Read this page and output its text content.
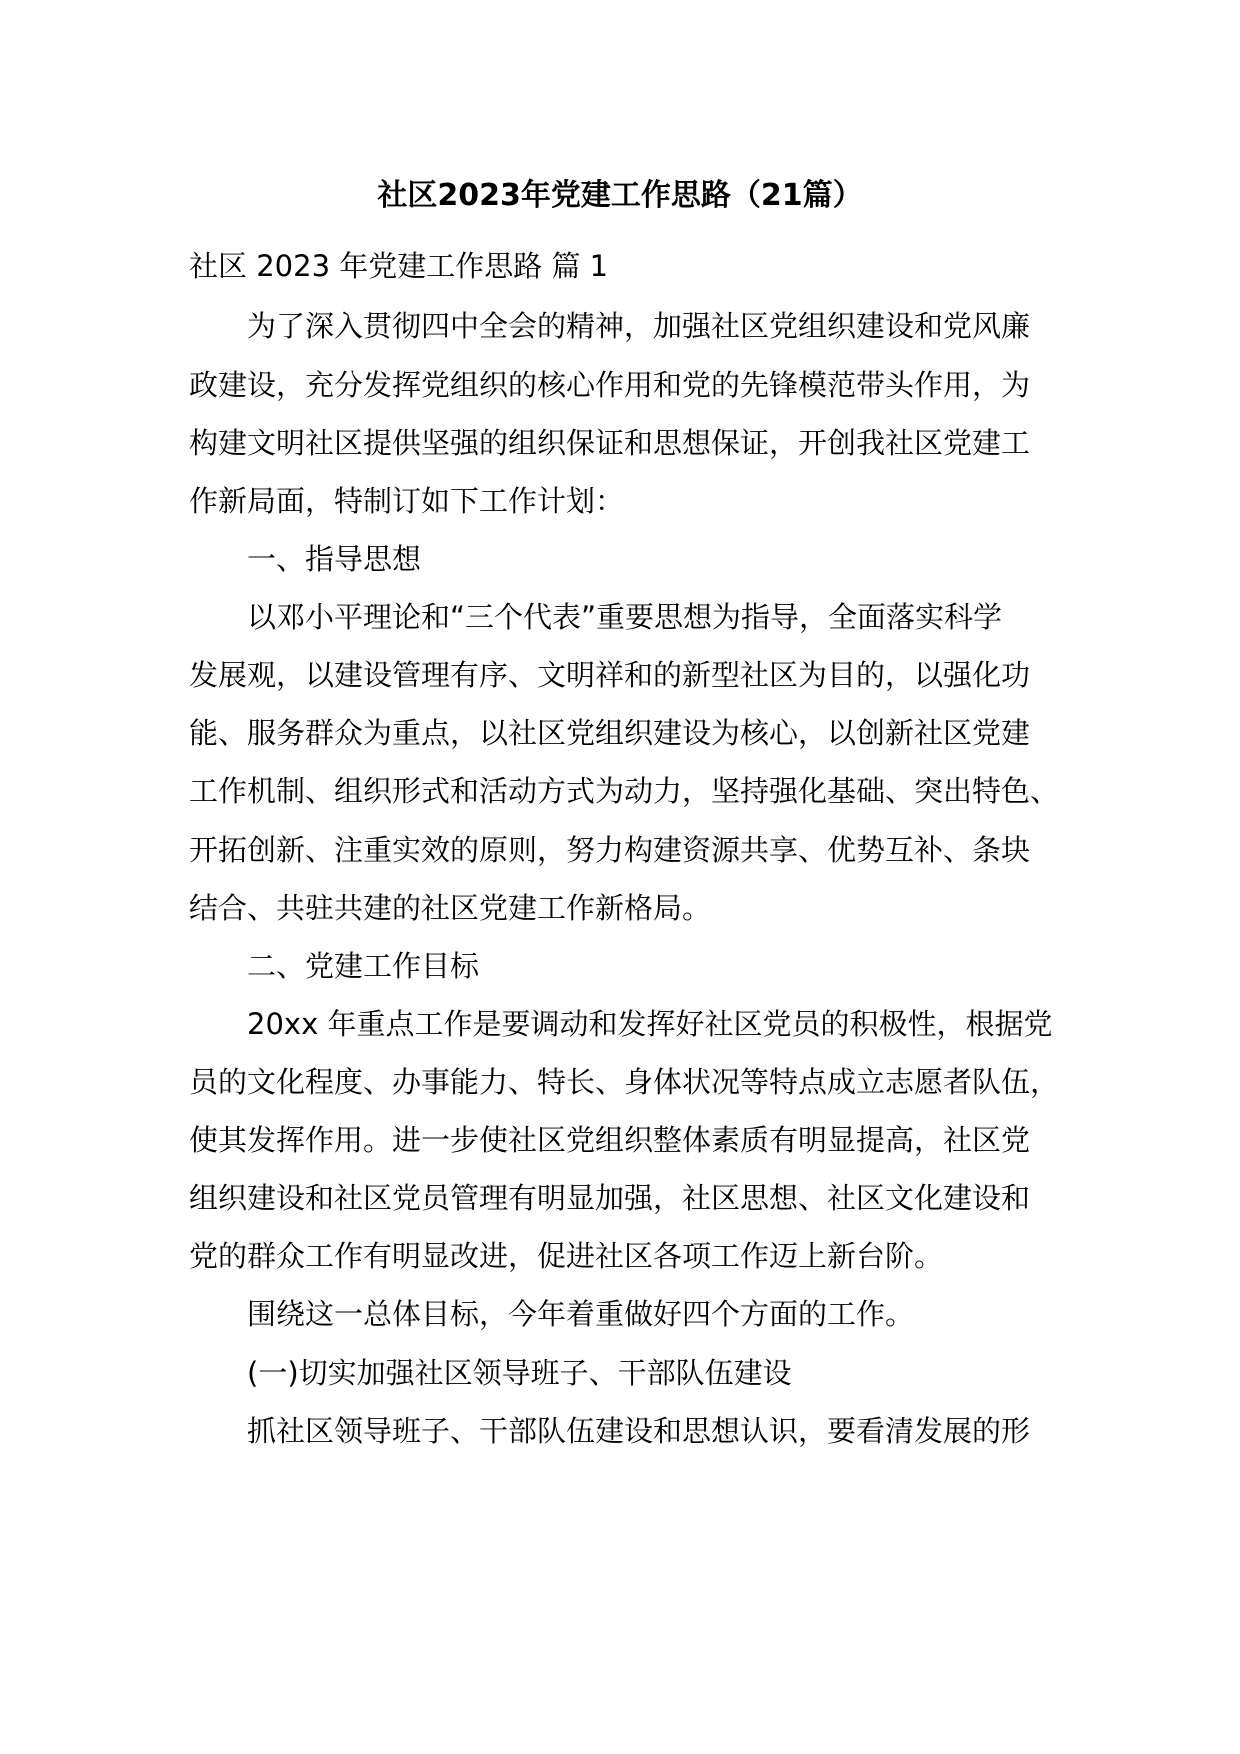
社区2023年党建工作思路（21篇）
社区 2023 年党建工作思路 篇 1
为了深入贯彻四中全会的精神，加强社区党组织建设和党风廉
政建设，充分发挥党组织的核心作用和党的先锋模范带头作用，为
构建文明社区提供坚强的组织保证和思想保证，开创我社区党建工
作新局面，特制订如下工作计划：
一、指导思想
以邓小平理论和“三个代表”重要思想为指导，全面落实科学
发展观，以建设管理有序、文明祥和的新型社区为目的，以强化功
能、服务群众为重点，以社区党组织建设为核心，以创新社区党建
工作机制、组织形式和活动方式为动力，坚持强化基础、突出特色、
开拓创新、注重实效的原则，努力构建资源共享、优势互补、条块
结合、共驻共建的社区党建工作新格局。
二、党建工作目标
20xx 年重点工作是要调动和发挥好社区党员的积极性，根据党
员的文化程度、办事能力、特长、身体状况等特点成立志愿者队伍，
使其发挥作用。进一步使社区党组织整体素质有明显提高，社区党
组织建设和社区党员管理有明显加强，社区思想、社区文化建设和
党的群众工作有明显改进，促进社区各项工作迈上新台阶。
围绕这一总体目标，今年着重做好四个方面的工作。
(一)切实加强社区领导班子、干部队伍建设
抓社区领导班子、干部队伍建设和思想认识，要看清发展的形
